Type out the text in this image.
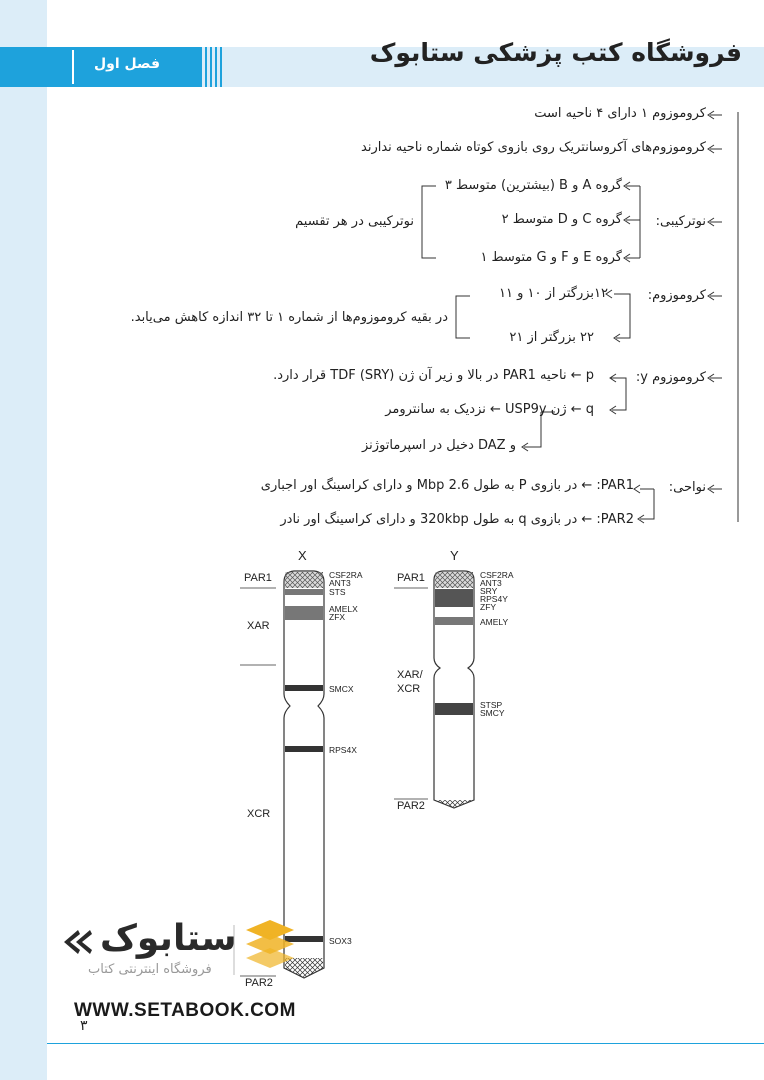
فصل اول	فروشگاه کتب پزشکی ستابوک
کروموزوم ۱ دارای ۴ ناحیه است
کروموزوم‌های آکروسانتریک روی بازوی کوتاه شماره ناحیه ندارند
نوترکیبی:
گروه A و B (بیشترین) متوسط ۳
گروه C و D متوسط ۲
گروه E و F و G متوسط ۱
نوترکیبی در هر تقسیم
کروموزوم:
۱۲بزرگتر از ۱۰ و ۱۱
۲۲ بزرگتر از ۲۱
در بقیه کروموزوم‌ها از شماره ۱ تا ۳۲ اندازه کاهش می‌یابد.
کروموزوم y:
p ← ناحیه PAR1 در بالا و زیر آن ژن TDF (SRY) قرار دارد.
q ← ژن USP9y ← نزدیک به سانترومر
و DAZ دخیل در اسپرماتوژنز
نواحی:
PAR1: ← در بازوی P به طول 2.6 Mbp و دارای کراسینگ اور اجباری
PAR2: ← در بازوی q به طول 320kbp و دارای کراسینگ اور نادر
X	Y
PAR1
XAR
XCR
PAR2
PAR1
XAR/
XCR
PAR2
CSF2RA
ANT3
STS
AMELX
ZFX
SMCX
RPS4X
SOX3
CSF2RA
ANT3
SRY
RPS4Y
ZFY
AMELY
STSP
SMCY
ستابوک
فروشگاه اینترنتی کتاب
WWW.SETABOOK.COM
۳
